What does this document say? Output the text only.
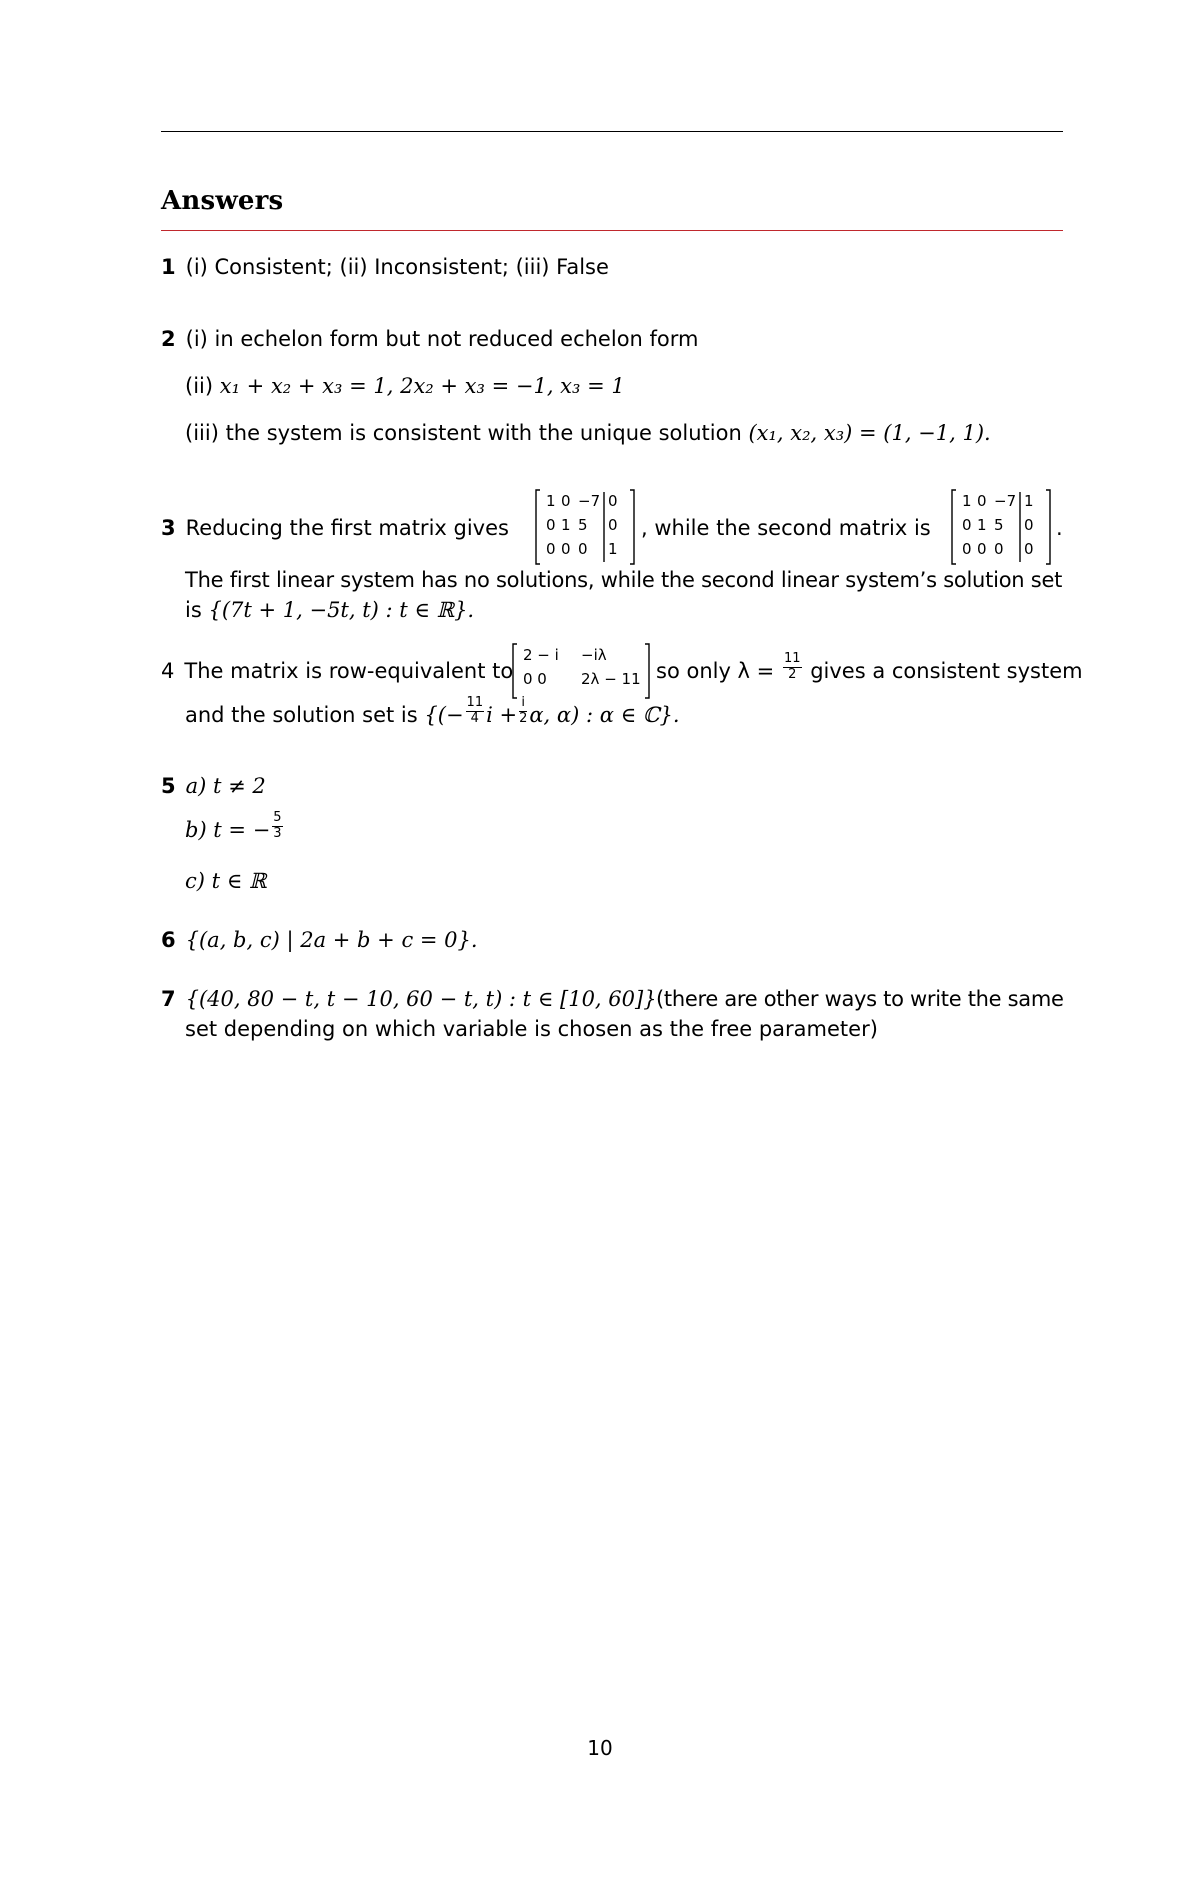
Answers
1 (i) Consistent; (ii) Inconsistent; (iii) False
2 (i) in echelon form but not reduced echelon form
(ii) x₁ + x₂ + x₃ = 1, 2x₂ + x₃ = −1, x₃ = 1
(iii) the system is consistent with the unique solution (x₁, x₂, x₃) = (1, −1, 1).
3 Reducing the first matrix gives
1 0 −7 0
0 1 5 0
0 0 0 1
, while the second matrix is
1 0 −7 1
0 1 5 0
0 0 0 0
.
The first linear system has no solutions, while the second linear system’s solution set
is {(7t + 1, −5t, t) : t ∈ ℝ}.
4 The matrix is row-equivalent to
2 − i −iλ
0 0 2λ − 11 so only $\lambda = \frac{11}{2}$ gives a consistent system
and the solution set is {(− $\frac{11}{4}$ $i + \frac{i}{2} \alpha$, α) : α ∈ ℂ}.
5 a) t ≠ 2
b) t = − $\frac{5}{3}$
c) t ∈ ℝ
6 {(a, b, c) | 2a + b + c = 0}.
7 {(40, 80 − t, t − 10, 60 − t, t) : t ∈ [10, 60]} (there are other ways to write the same
set depending on which variable is chosen as the free parameter)
10
